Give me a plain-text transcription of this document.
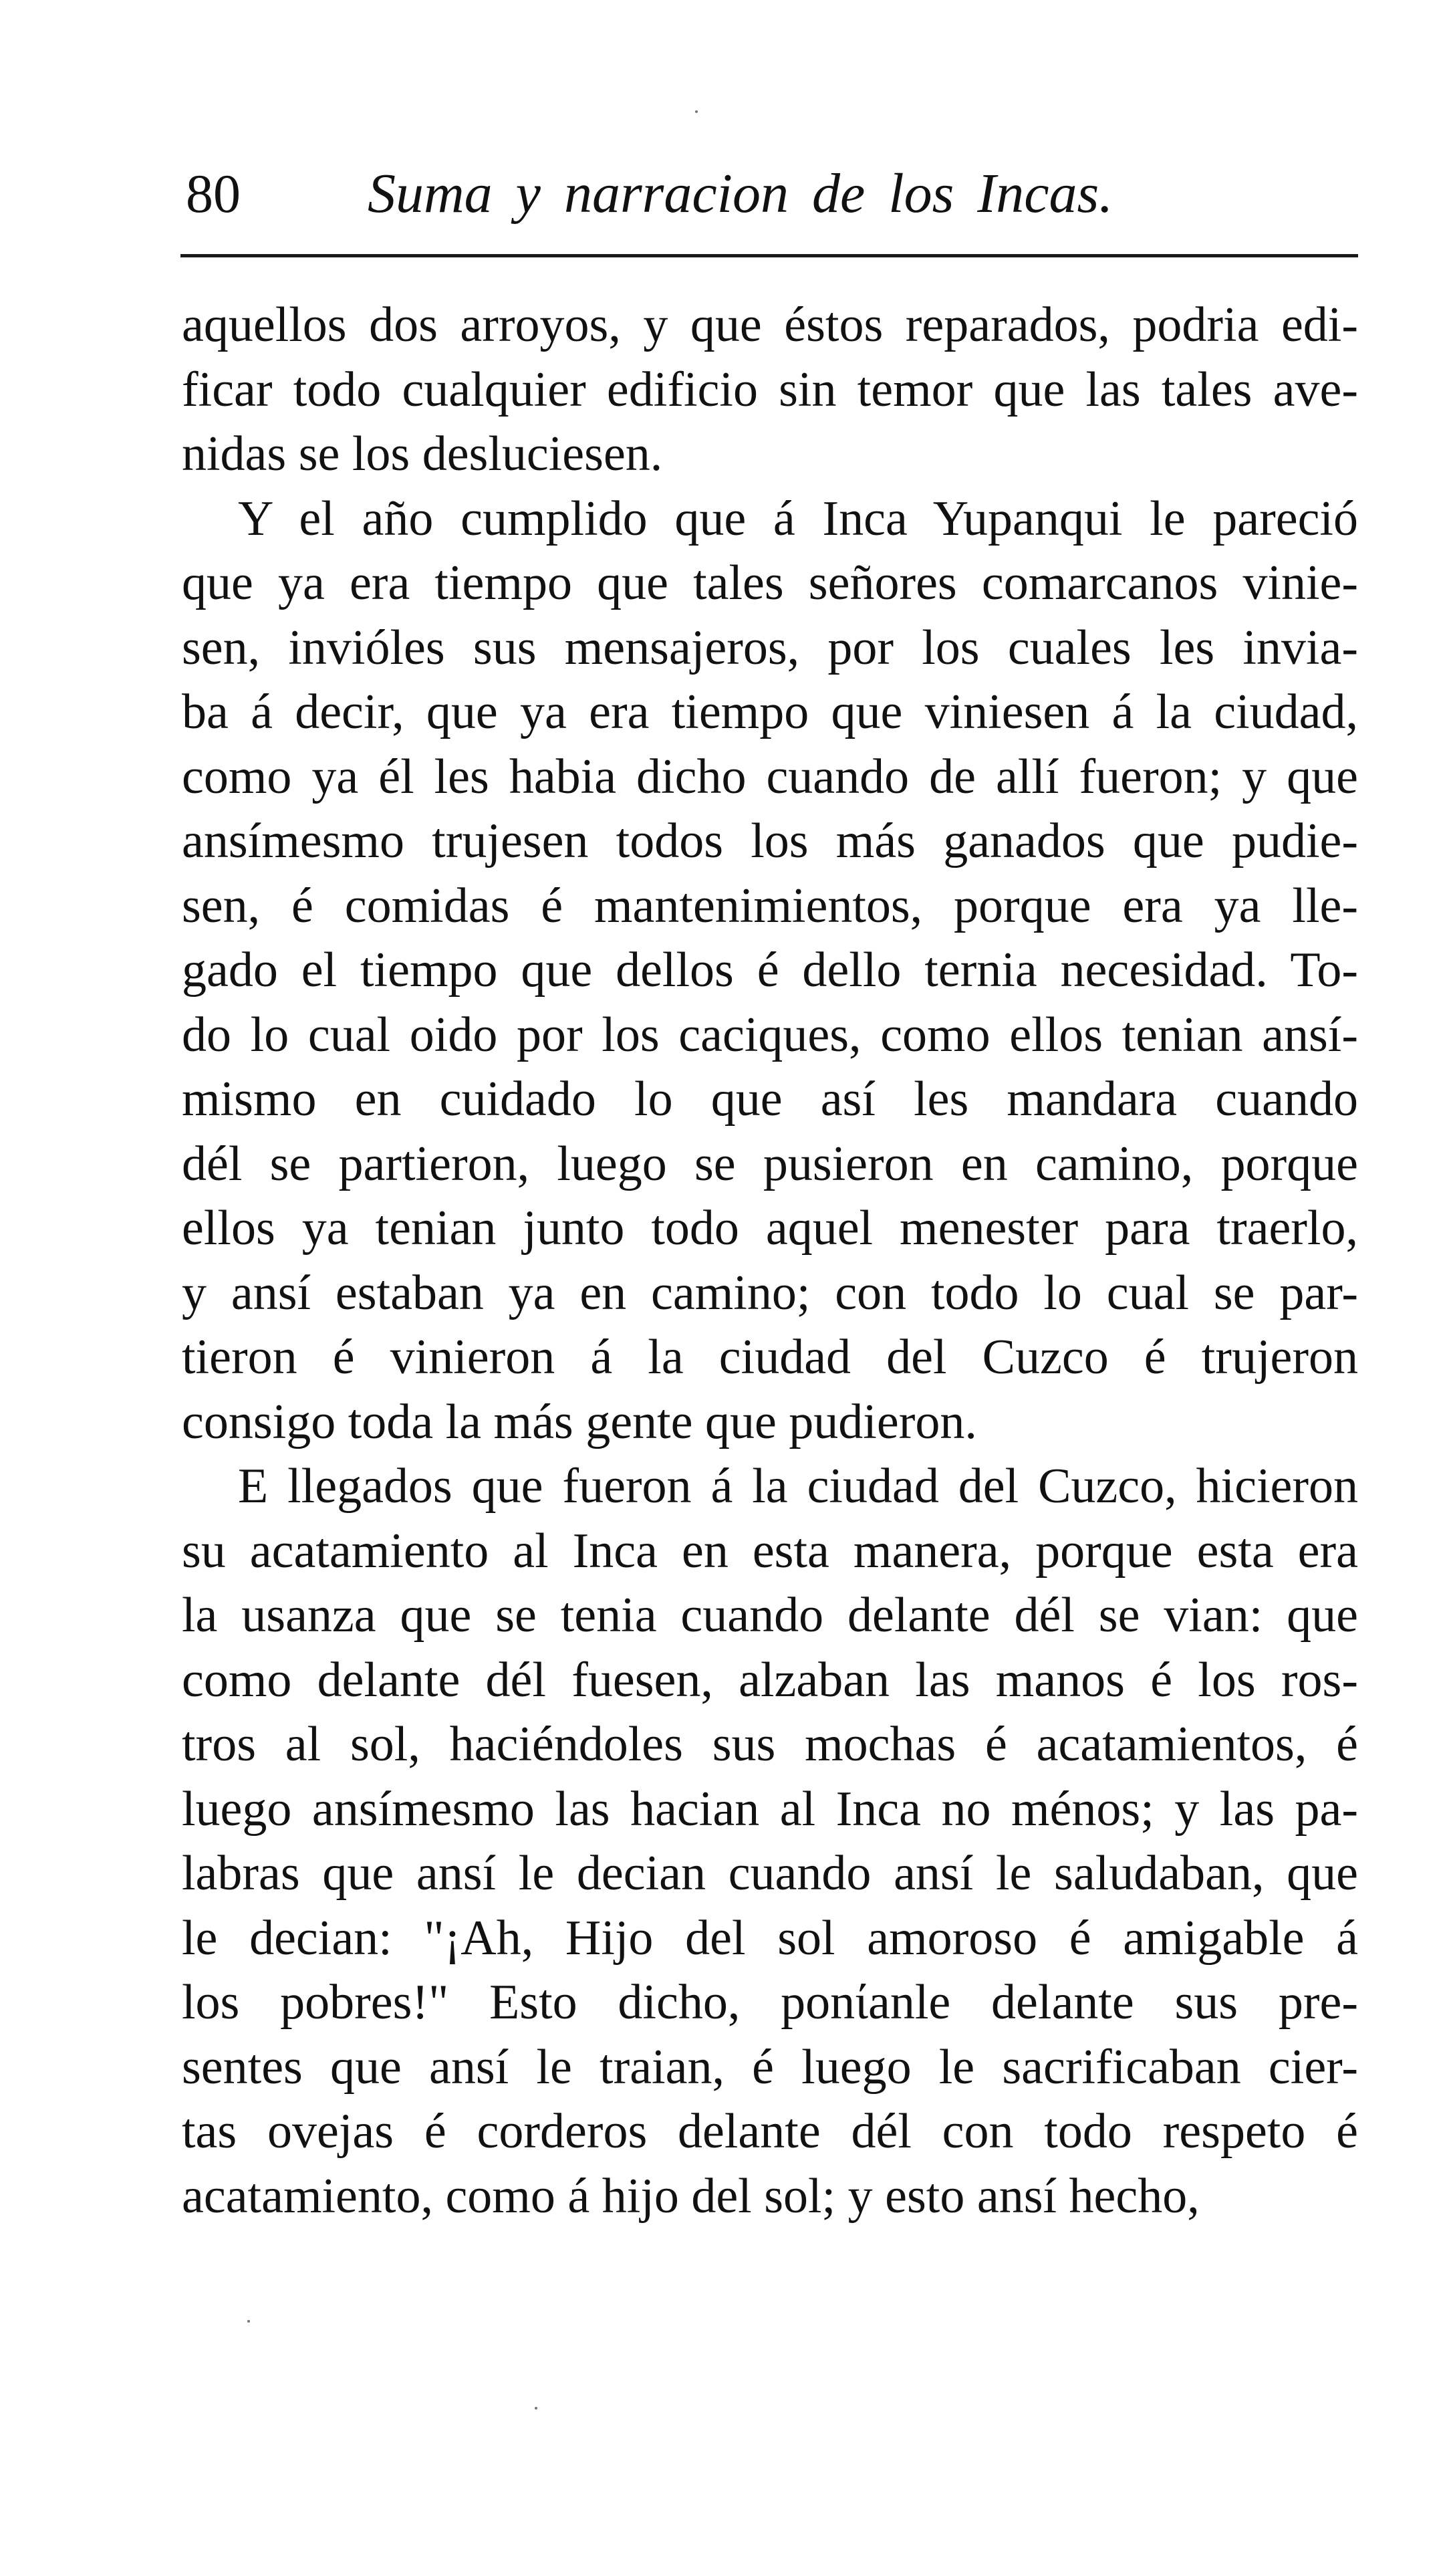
80 Suma y narracion de los Incas.
aquellos dos arroyos, y que éstos reparados, podria edi-
ficar todo cualquier edificio sin temor que las tales ave-
nidas se los desluciesen.
Y el año cumplido que á Inca Yupanqui le pareció
que ya era tiempo que tales señores comarcanos vinie-
sen, invióles sus mensajeros, por los cuales les invia-
ba á decir, que ya era tiempo que viniesen á la ciudad,
como ya él les habia dicho cuando de allí fueron; y que
ansímesmo trujesen todos los más ganados que pudie-
sen, é comidas é mantenimientos, porque era ya lle-
gado el tiempo que dellos é dello ternia necesidad. To-
do lo cual oido por los caciques, como ellos tenian ansí-
mismo en cuidado lo que así les mandara cuando
dél se partieron, luego se pusieron en camino, porque
ellos ya tenian junto todo aquel menester para traerlo,
y ansí estaban ya en camino; con todo lo cual se par-
tieron é vinieron á la ciudad del Cuzco é trujeron
consigo toda la más gente que pudieron.
E llegados que fueron á la ciudad del Cuzco, hicieron
su acatamiento al Inca en esta manera, porque esta era
la usanza que se tenia cuando delante dél se vian: que
como delante dél fuesen, alzaban las manos é los ros-
tros al sol, haciéndoles sus mochas é acatamientos, é
luego ansímesmo las hacian al Inca no ménos; y las pa-
labras que ansí le decian cuando ansí le saludaban, que
le decian: "¡Ah, Hijo del sol amoroso é amigable á
los pobres!" Esto dicho, ponίanle delante sus pre-
sentes que ansí le traian, é luego le sacrificaban cier-
tas ovejas é corderos delante dél con todo respeto é
acatamiento, como á hijo del sol; y esto ansí hecho,
